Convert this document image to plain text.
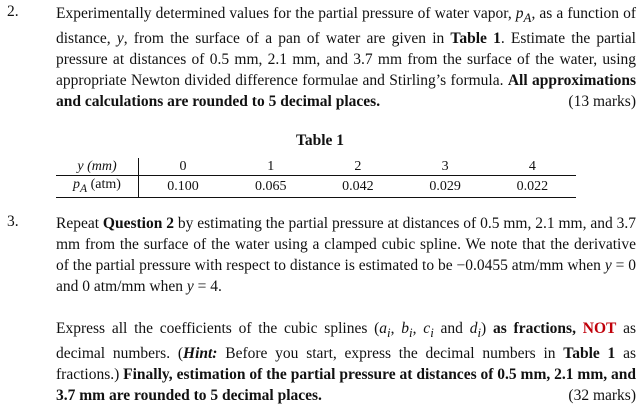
2. Experimentally determined values for the partial pressure of water vapor, $p_A$, as a function of distance, y, from the surface of a pan of water are given in Table 1. Estimate the partial pressure at distances of 0.5 mm, 2.1 mm, and 3.7 mm from the surface of the water, using appropriate Newton divided difference formulae and Stirling’s formula. All approximations and calculations are rounded to 5 decimal places.	(13 marks)
Table 1
y (mm)	0	1	2	3	4
$p_A$ (atm)	0.100	0.065	0.042	0.029	0.022
3. Repeat Question 2 by estimating the partial pressure at distances of 0.5 mm, 2.1 mm, and 3.7 mm from the surface of the water using a clamped cubic spline. We note that the derivative of the partial pressure with respect to distance is estimated to be −0.0455 atm/mm when y = 0 and 0 atm/mm when y = 4.
Express all the coefficients of the cubic splines ($a_i$, $b_i$, $c_i$ and $d_i$) as fractions, NOT as decimal numbers. (Hint: Before you start, express the decimal numbers in Table 1 as fractions.) Finally, estimation of the partial pressure at distances of 0.5 mm, 2.1 mm, and 3.7 mm are rounded to 5 decimal places.	(32 marks)
